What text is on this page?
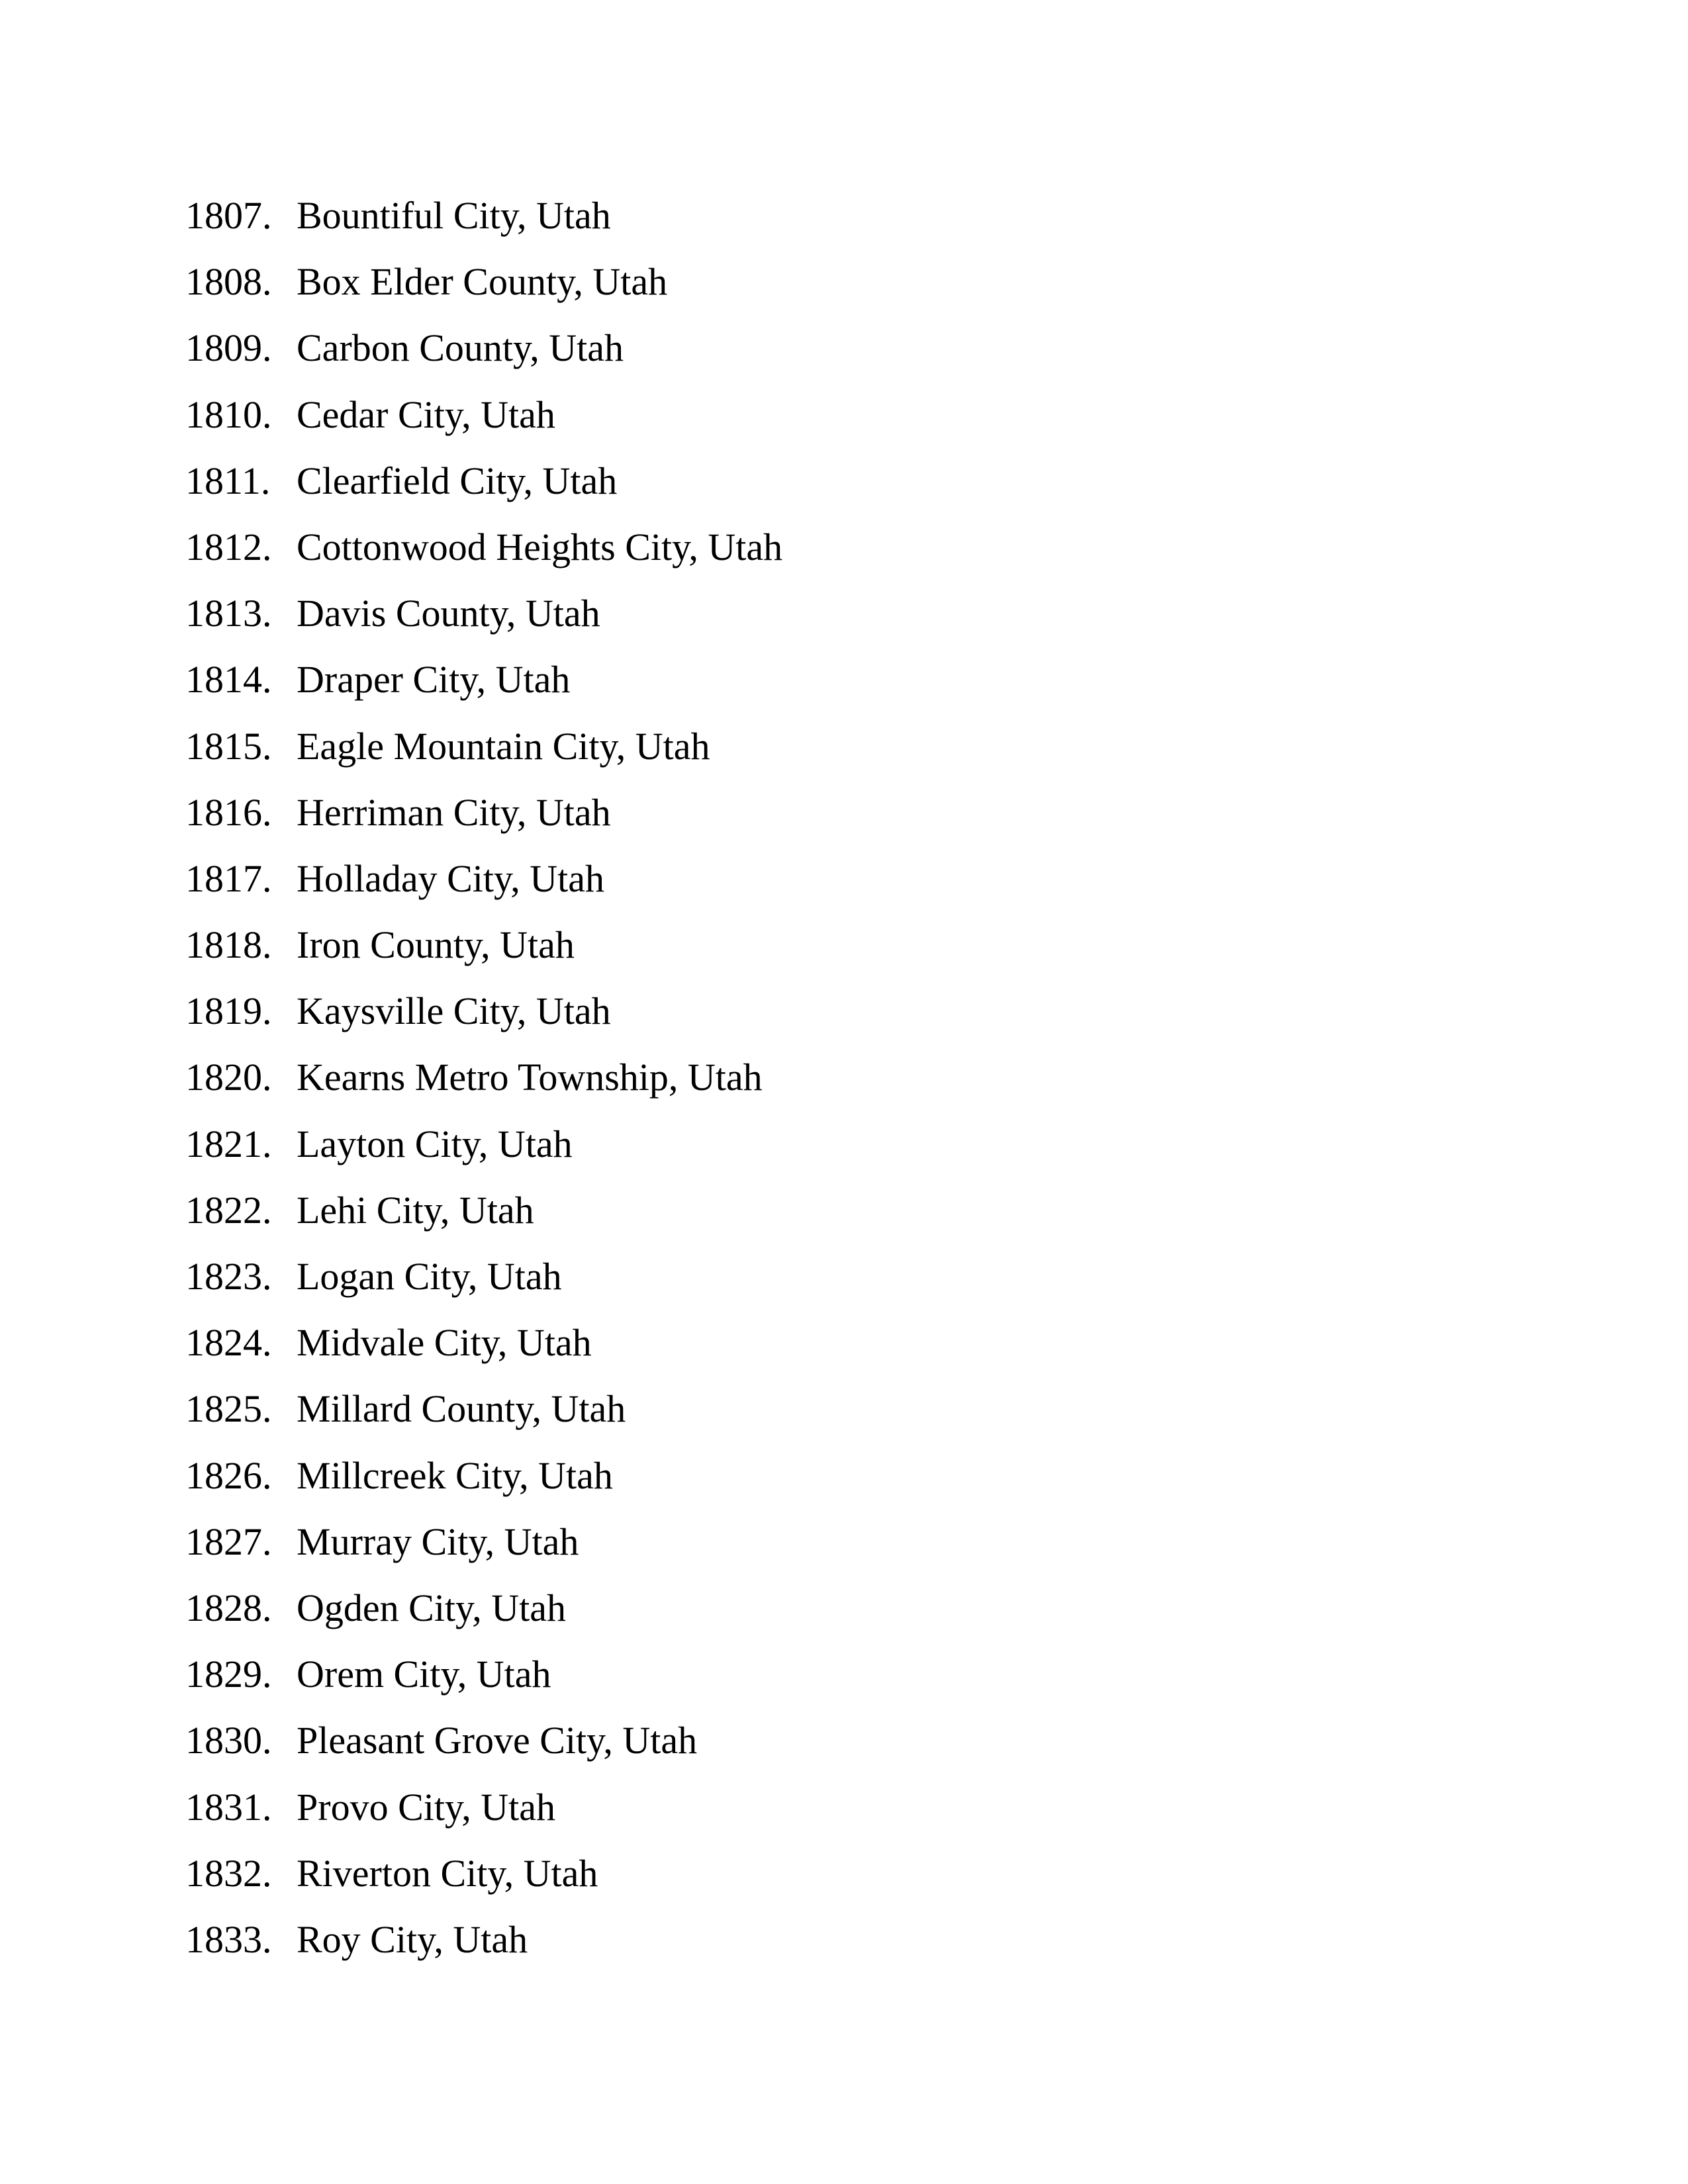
1807. Bountiful City, Utah
1808. Box Elder County, Utah
1809. Carbon County, Utah
1810. Cedar City, Utah
1811. Clearfield City, Utah
1812. Cottonwood Heights City, Utah
1813. Davis County, Utah
1814. Draper City, Utah
1815. Eagle Mountain City, Utah
1816. Herriman City, Utah
1817. Holladay City, Utah
1818. Iron County, Utah
1819. Kaysville City, Utah
1820. Kearns Metro Township, Utah
1821. Layton City, Utah
1822. Lehi City, Utah
1823. Logan City, Utah
1824. Midvale City, Utah
1825. Millard County, Utah
1826. Millcreek City, Utah
1827. Murray City, Utah
1828. Ogden City, Utah
1829. Orem City, Utah
1830. Pleasant Grove City, Utah
1831. Provo City, Utah
1832. Riverton City, Utah
1833. Roy City, Utah
